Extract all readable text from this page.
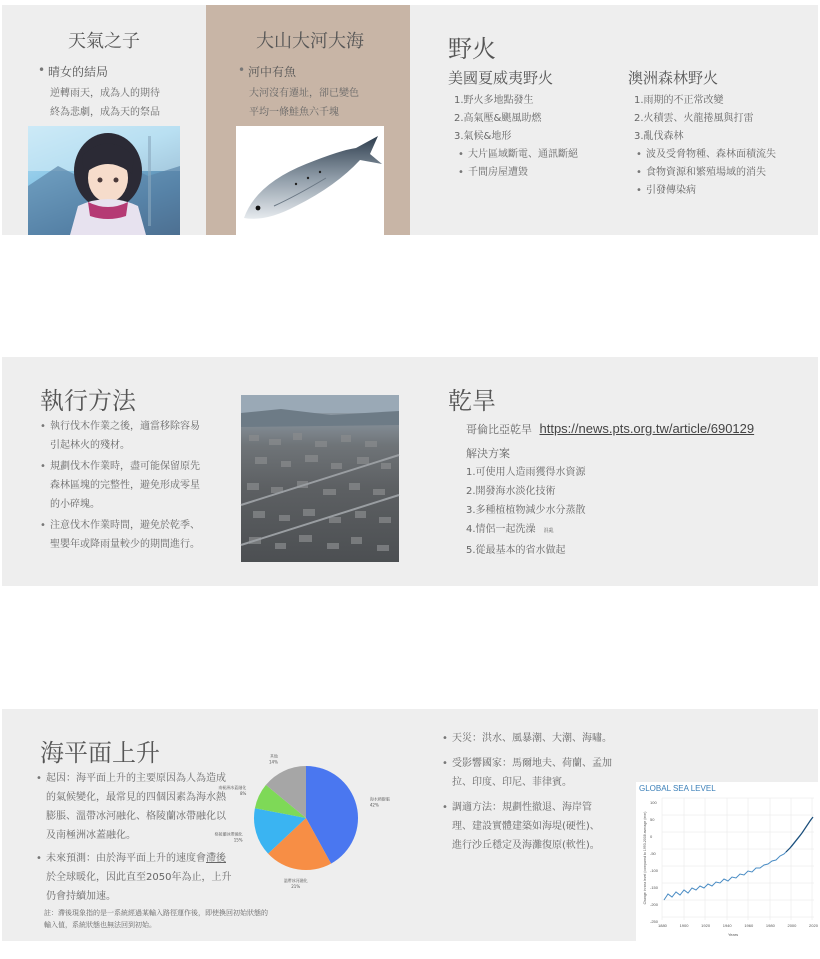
天氣之子
• 晴女的結局
逆轉雨天，成為人的期待
終為悲劇，成為天的祭品
大山大河大海
• 河中有魚
大河沒有遷址，卻已變色
平均一條鮭魚六千塊
野火
美國夏威夷野火
1.野火多地點發生
2.高氣壓&颶風助燃
3.氣候&地形
• 大片區域斷電、通訊斷絕
• 千間房屋遭毀
澳洲森林野火
1.雨期的不正常改變
2.火積雲、火龍捲風與打雷
3.亂伐森林
• 波及受脅物種、森林面積流失
• 食物資源和繁殖場域的消失
• 引發傳染病
執行方法
• 執行伐木作業之後，適當移除容易
引起林火的殘材。
• 規劃伐木作業時，盡可能保留原先
森林區塊的完整性，避免形成零星
的小碎塊。
• 注意伐木作業時間，避免於乾季、
聖嬰年或降雨量較少的期間進行。
乾旱
哥倫比亞乾旱 https://news.pts.org.tw/article/690129
解決方案
1.可使用人造雨獲得水資源
2.開發海水淡化技術
3.多種植植物減少水分蒸散
4.情侶一起洗澡 混亂
5.從最基本的省水做起
海平面上升
• 起因：海平面上升的主要原因為人為造成
的氣候變化，最常見的四個因素為海水熱
膨脹、溫帶冰河融化、格陵蘭冰帶融化以
及南極洲冰蓋融化。
• 未來預測：由於海平面上升的速度會滯後
於全球暖化，因此直至2050年為止，上升
仍會持續加速。
註：滯後現象指的是一系統經過某輸入路徑運作後，即使換回初始狀態的
輸入值，系統狀態也無法回到初始。
海水熱膨脹
42%
溫帶冰河融化
21%
格陵蘭冰帶融化
15%
南極洲冰蓋融化
8%
其他
14%
• 天災：洪水、風暴潮、大潮、海嘯。
• 受影響國家：馬爾地夫、荷蘭、孟加
拉、印度、印尼、菲律賓。
• 調適方法：規劃性撤退、海岸管
理、建設實體建築如海堤(硬性)、
進行沙丘穩定及海灘復原(軟性)。
GLOBAL SEA LEVEL
100
50
0
-50
-100
-150
-200
-250
1880	1900	1920	1940	1960	1980	2000	2020
Years
Change in sea level (compared to 1993-2008 average (mm)
